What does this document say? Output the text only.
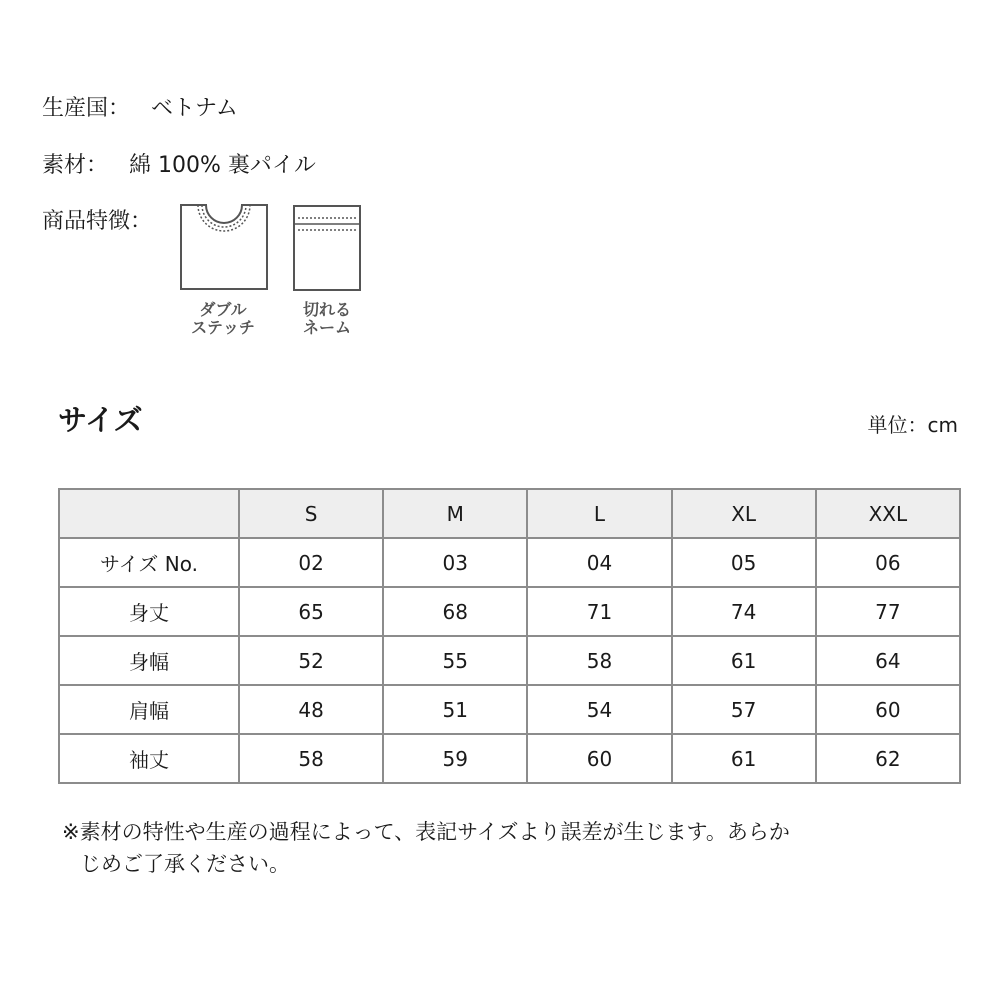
生産国： ベトナム
素材： 綿 100% 裏パイル
商品特徴：
ダブル
ステッチ
切れる
ネーム
サイズ	単位：cm
	S	M	L	XL	XXL
サイズ No.	02	03	04	05	06
身丈	65	68	71	74	77
身幅	52	55	58	61	64
肩幅	48	51	54	57	60
袖丈	58	59	60	61	62
※素材の特性や生産の過程によって、表記サイズより誤差が生じます。あらか
じめご了承ください。
